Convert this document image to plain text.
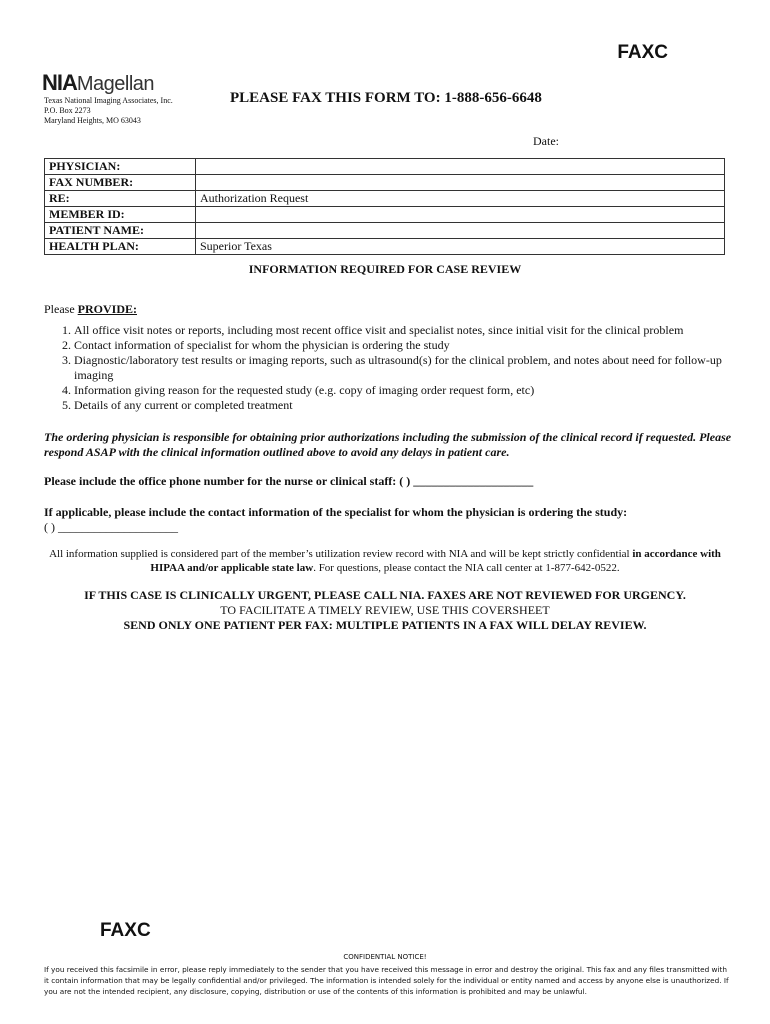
FAXC
NIAMagellan
Texas National Imaging Associates, Inc.
P.O. Box 2273
Maryland Heights, MO 63043
PLEASE FAX THIS FORM TO: 1-888-656-6648
Date:
PHYSICIAN:	
FAX NUMBER:	
RE:	Authorization Request
MEMBER ID:	
PATIENT NAME:	
HEALTH PLAN:	Superior Texas
INFORMATION REQUIRED FOR CASE REVIEW
Please PROVIDE:
1. All office visit notes or reports, including most recent office visit and specialist notes, since initial visit for the clinical problem
2. Contact information of specialist for whom the physician is ordering the study
3. Diagnostic/laboratory test results or imaging reports, such as ultrasound(s) for the clinical problem, and notes about need for follow-up imaging
4. Information giving reason for the requested study (e.g. copy of imaging order request form, etc)
5. Details of any current or completed treatment
The ordering physician is responsible for obtaining prior authorizations including the submission of the clinical record if requested. Please respond ASAP with the clinical information outlined above to avoid any delays in patient care.
Please include the office phone number for the nurse or clinical staff: ( ) ____________________
If applicable, please include the contact information of the specialist for whom the physician is ordering the study:
( ) ____________________
All information supplied is considered part of the member’s utilization review record with NIA and will be kept strictly confidential in accordance with HIPAA and/or applicable state law. For questions, please contact the NIA call center at 1-877-642-0522.
IF THIS CASE IS CLINICALLY URGENT, PLEASE CALL NIA. FAXES ARE NOT REVIEWED FOR URGENCY.
TO FACILITATE A TIMELY REVIEW, USE THIS COVERSHEET
SEND ONLY ONE PATIENT PER FAX: MULTIPLE PATIENTS IN A FAX WILL DELAY REVIEW.
FAXC
CONFIDENTIAL NOTICE!
If you received this facsimile in error, please reply immediately to the sender that you have received this message in error and destroy the original. This fax and any files transmitted with it contain information that may be legally confidential and/or privileged. The information is intended solely for the individual or entity named and access by anyone else is unauthorized. If you are not the intended recipient, any disclosure, copying, distribution or use of the contents of this information is prohibited and may be unlawful.
